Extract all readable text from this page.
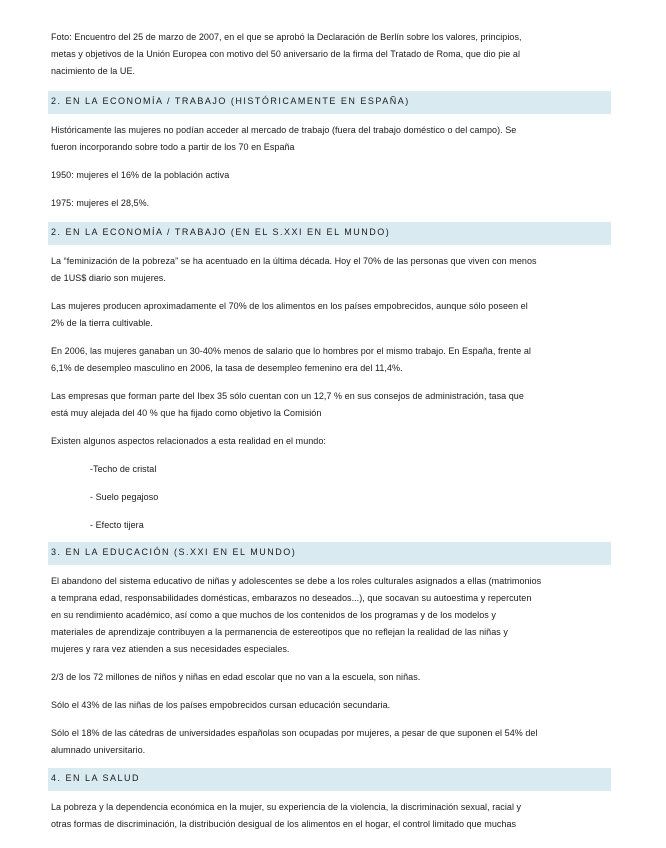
Foto: Encuentro del 25 de marzo de 2007, en el que se aprobó la Declaración de Berlín sobre los valores, principios,
metas y objetivos de la Unión Europea con motivo del 50 aniversario de la firma del Tratado de Roma, que dio pie al
nacimiento de la UE.

2. EN LA ECONOMÍA / TRABAJO (HISTÓRICAMENTE EN ESPAÑA)

Históricamente las mujeres no podían acceder al mercado de trabajo (fuera del trabajo doméstico o del campo). Se
fueron incorporando sobre todo a partir de los 70 en España

1950: mujeres el 16% de la población activa

1975: mujeres el 28,5%.

2. EN LA ECONOMÍA / TRABAJO (EN EL S.XXI EN EL MUNDO)

La “feminización de la pobreza” se ha acentuado en la última década. Hoy el 70% de las personas que viven con menos
de 1US$ diario son mujeres.

Las mujeres producen aproximadamente el 70% de los alimentos en los países empobrecidos, aunque sólo poseen el
2% de la tierra cultivable.

En 2006, las mujeres ganaban un 30-40% menos de salario que lo hombres por el mismo trabajo. En España, frente al
6,1% de desempleo masculino en 2006, la tasa de desempleo femenino era del 11,4%.

Las empresas que forman parte del Ibex 35 sólo cuentan con un 12,7 % en sus consejos de administración, tasa que
está muy alejada del 40 % que ha fijado como objetivo la Comisión

Existen algunos aspectos relacionados a esta realidad en el mundo:

-Techo de cristal

- Suelo pegajoso

- Efecto tijera

3. EN LA EDUCACIÓN (S.XXI EN EL MUNDO)

El abandono del sistema educativo de niñas y adolescentes se debe a los roles culturales asignados a ellas (matrimonios
a temprana edad, responsabilidades domésticas, embarazos no deseados...), que socavan su autoestima y repercuten
en su rendimiento académico, así como a que muchos de los contenidos de los programas y de los modelos y
materiales de aprendizaje contribuyen a la permanencia de estereotipos que no reflejan la realidad de las niñas y
mujeres y rara vez atienden a sus necesidades especiales.

2/3 de los 72 millones de niños y niñas en edad escolar que no van a la escuela, son niñas.

Sólo el 43% de las niñas de los países empobrecidos cursan educación secundaria.

Sólo el 18% de las cátedras de universidades españolas son ocupadas por mujeres, a pesar de que suponen el 54% del
alumnado universitario.

4. EN LA SALUD

La pobreza y la dependencia económica en la mujer, su experiencia de la violencia, la discriminación sexual, racial y
otras formas de discriminación, la distribución desigual de los alimentos en el hogar, el control limitado que muchas
